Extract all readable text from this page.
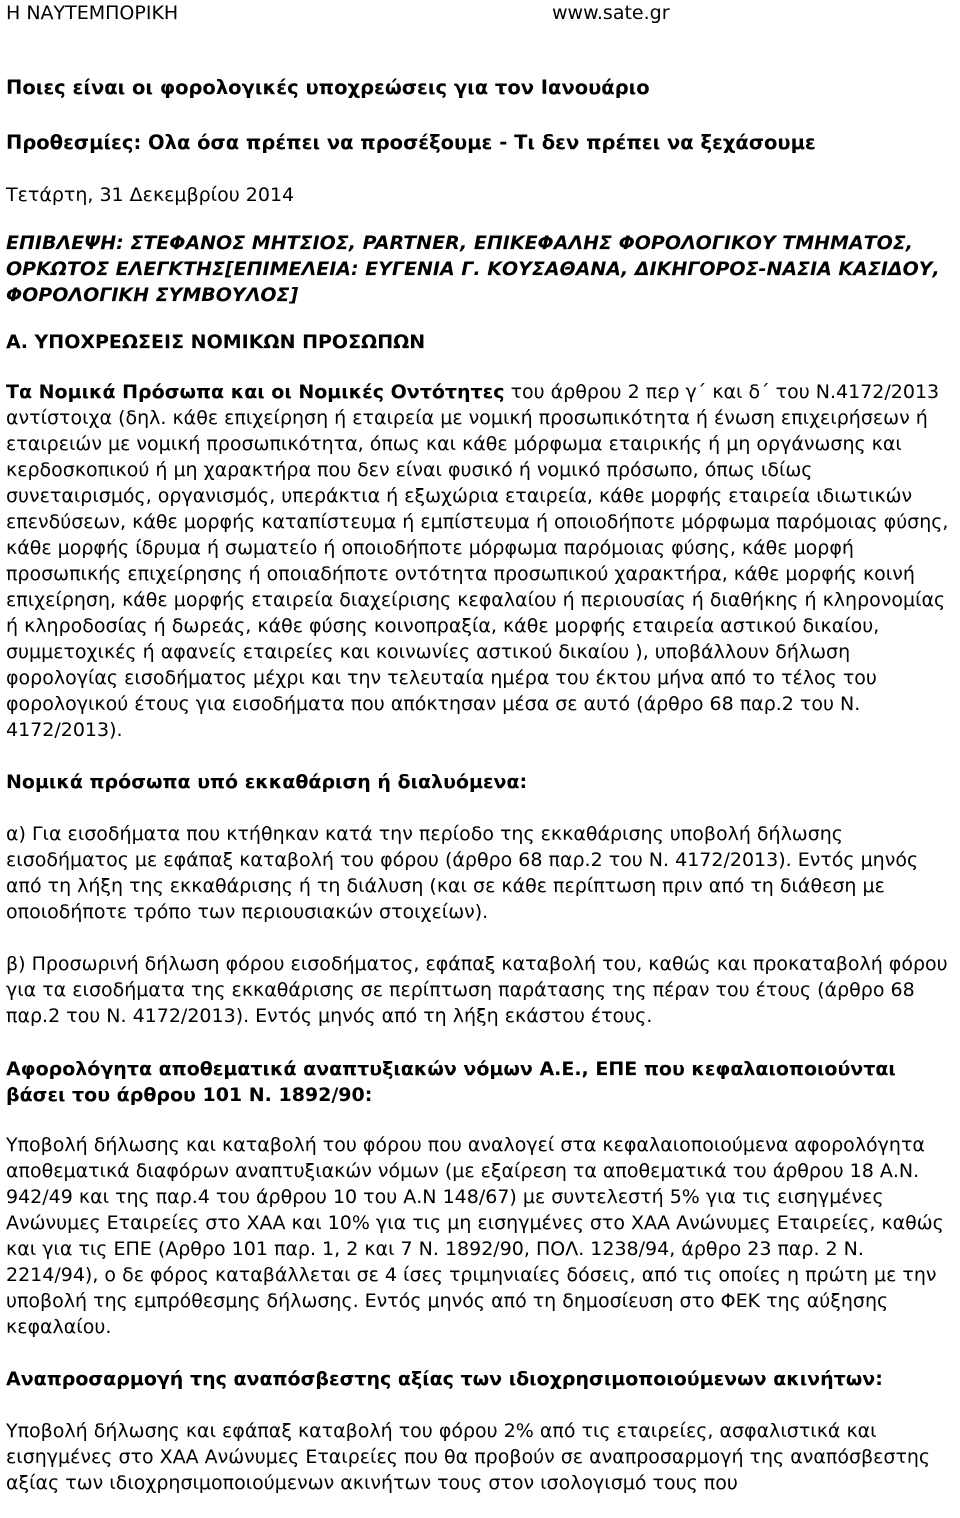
Η ΝΑΥΤΕΜΠΟΡΙΚΗ	www.sate.gr
Ποιες είναι οι φορολογικές υποχρεώσεις για τον Ιανουάριο
Προθεσμίες: Ολα όσα πρέπει να προσέξουμε - Τι δεν πρέπει να ξεχάσουμε
Τετάρτη, 31 Δεκεμβρίου 2014
ΕΠΙΒΛΕΨΗ: ΣΤΕΦΑΝΟΣ ΜΗΤΣΙΟΣ, PARTNER, ΕΠΙΚΕΦΑΛΗΣ ΦΟΡΟΛΟΓΙΚΟΥ ΤΜΗΜΑΤΟΣ, ΟΡΚΩΤΟΣ ΕΛΕΓΚΤΗΣ[ΕΠΙΜΕΛΕΙΑ: ΕΥΓΕΝΙΑ Γ. ΚΟΥΣΑΘΑΝΑ, ΔΙΚΗΓΟΡΟΣ-ΝΑΣΙΑ ΚΑΣΙΔΟΥ, ΦΟΡΟΛΟΓΙΚΗ ΣΥΜΒΟΥΛΟΣ]
Α. ΥΠΟΧΡΕΩΣΕΙΣ ΝΟΜΙΚΩΝ ΠΡΟΣΩΠΩΝ

Τα Νομικά Πρόσωπα και οι Νομικές Οντότητες του άρθρου 2 περ γ΄ και δ΄ του Ν.4172/2013 αντίστοιχα (δηλ. κάθε επιχείρηση ή εταιρεία με νομική προσωπικότητα ή ένωση επιχειρήσεων ή εταιρειών με νομική προσωπικότητα, όπως και κάθε μόρφωμα εταιρικής ή μη οργάνωσης και κερδοσκοπικού ή μη χαρακτήρα που δεν είναι φυσικό ή νομικό πρόσωπο, όπως ιδίως συνεταιρισμός, οργανισμός, υπεράκτια ή εξωχώρια εταιρεία, κάθε μορφής εταιρεία ιδιωτικών επενδύσεων, κάθε μορφής καταπίστευμα ή εμπίστευμα ή οποιοδήποτε μόρφωμα παρόμοιας φύσης, κάθε μορφής ίδρυμα ή σωματείο ή οποιοδήποτε μόρφωμα παρόμοιας φύσης, κάθε μορφή προσωπικής επιχείρησης ή οποιαδήποτε οντότητα προσωπικού χαρακτήρα, κάθε μορφής κοινή επιχείρηση, κάθε μορφής εταιρεία διαχείρισης κεφαλαίου ή περιουσίας ή διαθήκης ή κληρονομίας ή κληροδοσίας ή δωρεάς, κάθε φύσης κοινοπραξία, κάθε μορφής εταιρεία αστικού δικαίου, συμμετοχικές ή αφανείς εταιρείες και κοινωνίες αστικού δικαίου ), υποβάλλουν δήλωση φορολογίας εισοδήματος μέχρι και την τελευταία ημέρα του έκτου μήνα από το τέλος του φορολογικού έτους για εισοδήματα που απόκτησαν μέσα σε αυτό (άρθρο 68 παρ.2 του Ν. 4172/2013).

Νομικά πρόσωπα υπό εκκαθάριση ή διαλυόμενα:

α) Για εισοδήματα που κτήθηκαν κατά την περίοδο της εκκαθάρισης υποβολή δήλωσης εισοδήματος με εφάπαξ καταβολή του φόρου (άρθρο 68 παρ.2 του Ν. 4172/2013). Εντός μηνός από τη λήξη της εκκαθάρισης ή τη διάλυση (και σε κάθε περίπτωση πριν από τη διάθεση με οποιοδήποτε τρόπο των περιουσιακών στοιχείων).

β) Προσωρινή δήλωση φόρου εισοδήματος, εφάπαξ καταβολή του, καθώς και προκαταβολή φόρου για τα εισοδήματα της εκκαθάρισης σε περίπτωση παράτασης της πέραν του έτους (άρθρο 68 παρ.2 του Ν. 4172/2013). Εντός μηνός από τη λήξη εκάστου έτους.

Αφορολόγητα αποθεματικά αναπτυξιακών νόμων Α.Ε., ΕΠΕ που κεφαλαιοποιούνται βάσει του άρθρου 101 Ν. 1892/90:

Υποβολή δήλωσης και καταβολή του φόρου που αναλογεί στα κεφαλαιοποιούμενα αφορολόγητα αποθεματικά διαφόρων αναπτυξιακών νόμων (με εξαίρεση τα αποθεματικά του άρθρου 18 Α.Ν. 942/49 και της παρ.4 του άρθρου 10 του Α.Ν 148/67) με συντελεστή 5% για τις εισηγμένες Ανώνυμες Εταιρείες στο ΧΑΑ και 10% για τις μη εισηγμένες στο ΧΑΑ Ανώνυμες Εταιρείες, καθώς και για τις ΕΠΕ (Αρθρο 101 παρ. 1, 2 και 7 Ν. 1892/90, ΠΟΛ. 1238/94, άρθρο 23 παρ. 2 Ν. 2214/94), ο δε φόρος καταβάλλεται σε 4 ίσες τριμηνιαίες δόσεις, από τις οποίες η πρώτη με την υποβολή της εμπρόθεσμης δήλωσης. Εντός μηνός από τη δημοσίευση στο ΦΕΚ της αύξησης κεφαλαίου.

Αναπροσαρμογή της αναπόσβεστης αξίας των ιδιοχρησιμοποιούμενων ακινήτων:

Υποβολή δήλωσης και εφάπαξ καταβολή του φόρου 2% από τις εταιρείες, ασφαλιστικά και εισηγμένες στο ΧΑΑ Ανώνυμες Εταιρείες που θα προβούν σε αναπροσαρμογή της αναπόσβεστης αξίας των ιδιοχρησιμοποιούμενων ακινήτων τους στον ισολογισμό τους που
